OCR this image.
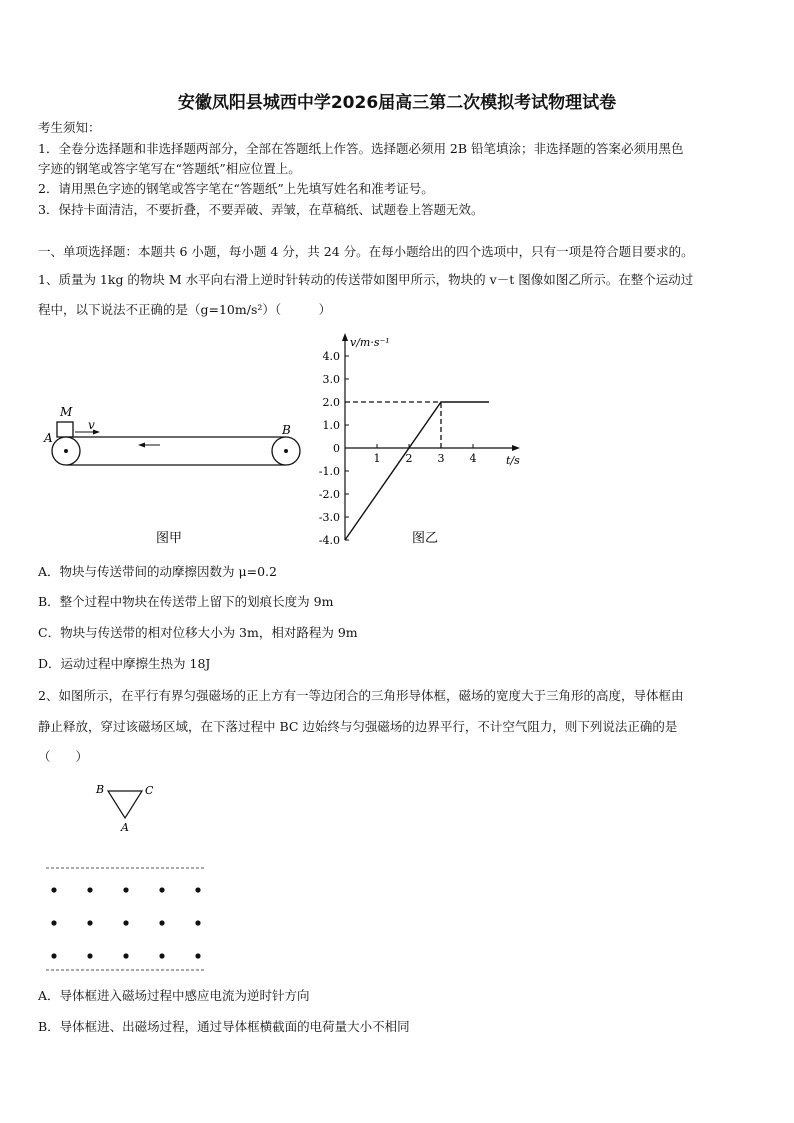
安徽凤阳县城西中学2026届高三第二次模拟考试物理试卷
考生须知：
1．全卷分选择题和非选择题两部分，全部在答题纸上作答。选择题必须用 2B 铅笔填涂；非选择题的答案必须用黑色
字迹的钢笔或答字笔写在“答题纸”相应位置上。
2．请用黑色字迹的钢笔或答字笔在“答题纸”上先填写姓名和准考证号。
3．保持卡面清洁，不要折叠，不要弄破、弄皱，在草稿纸、试题卷上答题无效。
一、单项选择题：本题共 6 小题，每小题 4 分，共 24 分。在每小题给出的四个选项中，只有一项是符合题目要求的。
1、质量为 1kg 的物块 M 水平向右滑上逆时针转动的传送带如图甲所示，物块的 v－t 图像如图乙所示。在整个运动过
程中，以下说法不正确的是（g=10m/s²）（　　　）
M
v
A
B
图甲
4.0
3.0
2.0
1.0
0
-1.0
-2.0
-3.0
-4.0
1 2 3 4
v/m·s⁻¹
t/s
图乙
A．物块与传送带间的动摩擦因数为 μ=0.2
B．整个过程中物块在传送带上留下的划痕长度为 9m
C．物块与传送带的相对位移大小为 3m，相对路程为 9m
D．运动过程中摩擦生热为 18J
2、如图所示，在平行有界匀强磁场的正上方有一等边闭合的三角形导体框，磁场的宽度大于三角形的高度，导体框由
静止释放，穿过该磁场区域，在下落过程中 BC 边始终与匀强磁场的边界平行，不计空气阻力，则下列说法正确的是
（　　）
B	C
A
A．导体框进入磁场过程中感应电流为逆时针方向
B．导体框进、出磁场过程，通过导体框横截面的电荷量大小不相同
